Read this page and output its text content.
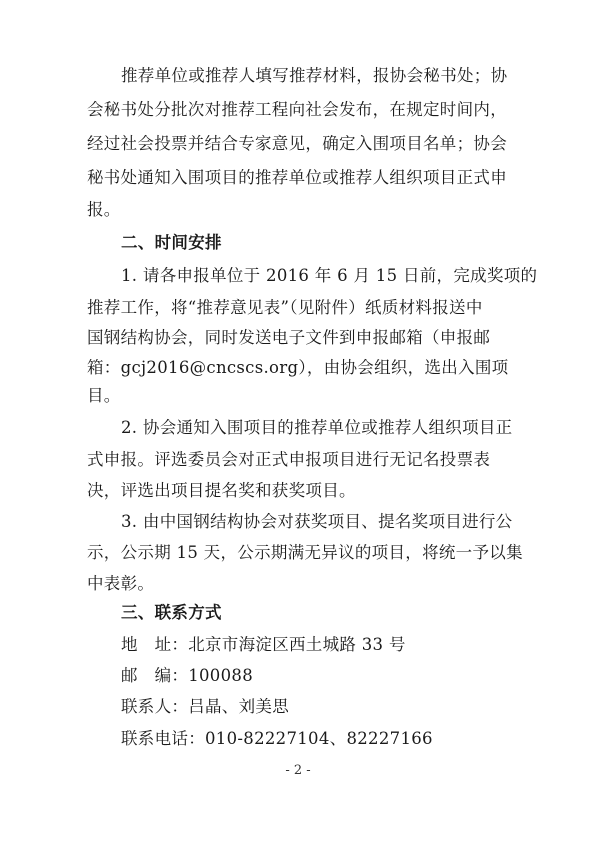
推荐单位或推荐人填写推荐材料，报协会秘书处；协
会秘书处分批次对推荐工程向社会发布，在规定时间内，
经过社会投票并结合专家意见，确定入围项目名单；协会
秘书处通知入围项目的推荐单位或推荐人组织项目正式申
报。
二、时间安排
1. 请各申报单位于 2016 年 6 月 15 日前，完成奖项的
推荐工作，将“推荐意见表”（见附件）纸质材料报送中
国钢结构协会，同时发送电子文件到申报邮箱（申报邮
箱：gcj2016@cncscs.org），由协会组织，选出入围项
目。
2. 协会通知入围项目的推荐单位或推荐人组织项目正
式申报。评选委员会对正式申报项目进行无记名投票表
决，评选出项目提名奖和获奖项目。
3. 由中国钢结构协会对获奖项目、提名奖项目进行公
示，公示期 15 天，公示期满无异议的项目，将统一予以集
中表彰。
三、联系方式
地　址：北京市海淀区西土城路 33 号
邮　编：100088
联系人：吕晶、刘美思
联系电话：010-82227104、82227166
- 2 -
